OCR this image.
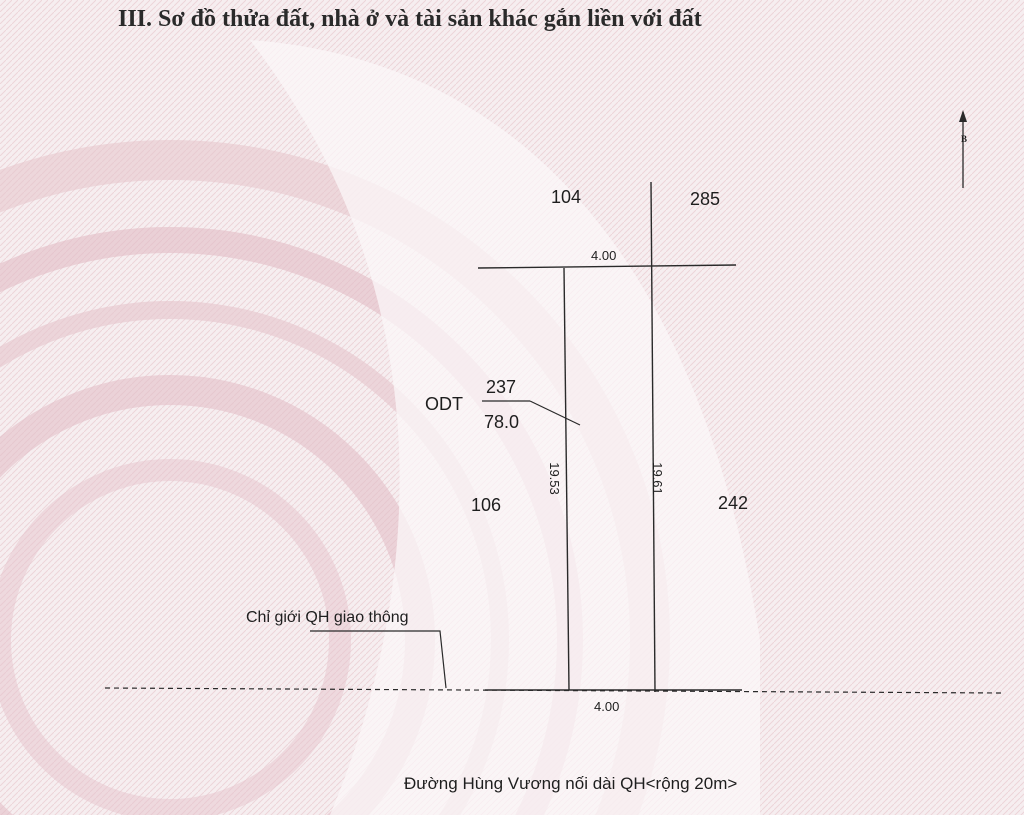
III. Sơ đồ thửa đất, nhà ở và tài sản khác gắn liền với đất
B
104	285
4.00
ODT
237
78.0
19.53	19.61
106	242
Chỉ giới QH giao thông
4.00
Đường Hùng Vương nối dài QH<rộng 20m>
